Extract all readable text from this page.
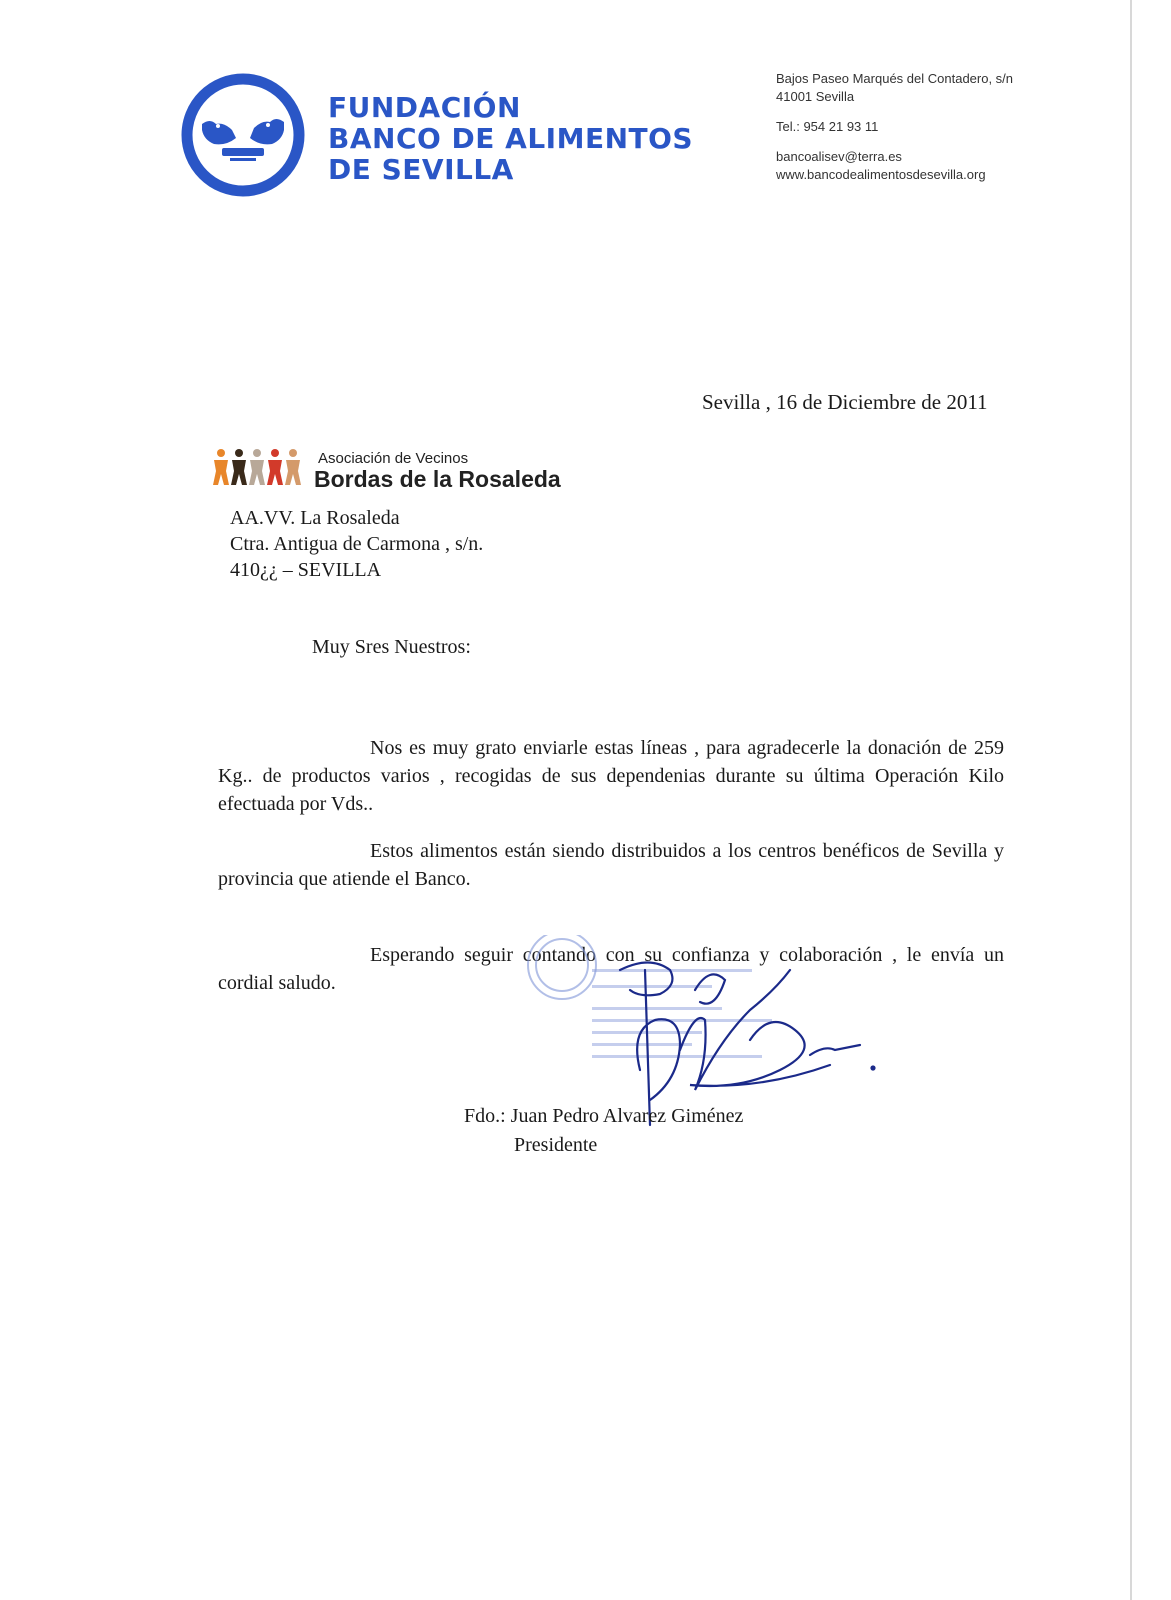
FUNDACIÓN
BANCO DE ALIMENTOS
DE SEVILLA
Bajos Paseo Marqués del Contadero, s/n
41001 Sevilla
Tel.: 954 21 93 11
bancoalisev@terra.es
www.bancodealimentosdesevilla.org
Sevilla , 16 de Diciembre de 2011
Asociación de Vecinos
Bordas de la Rosaleda
AA.VV. La Rosaleda
Ctra. Antigua de Carmona , s/n.
410¿¿ – SEVILLA
Muy Sres Nuestros:
Nos es muy grato enviarle estas líneas , para agradecerle la donación de 259 Kg.. de productos varios , recogidas de sus dependenias durante su última Operación Kilo efectuada por Vds..
Estos alimentos están siendo distribuidos a los centros benéficos de Sevilla y provincia que atiende el Banco.
Esperando seguir contando con su confianza y colaboración , le envía un cordial saludo.
Fdo.: Juan Pedro Alvarez Giménez
Presidente
